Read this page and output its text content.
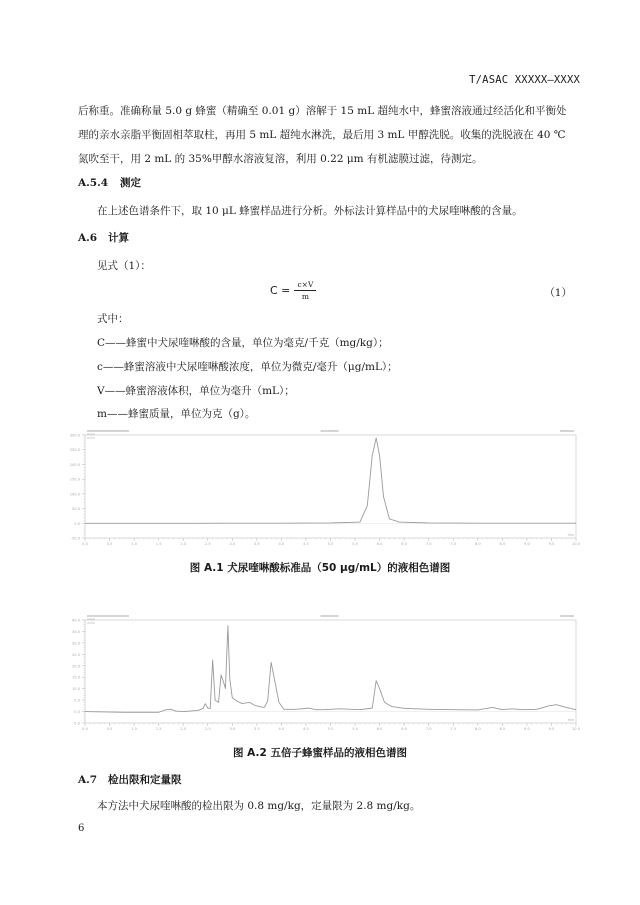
T/ASAC XXXXX—XXXX
后称重。准确称量 5.0 g 蜂蜜（精确至 0.01 g）溶解于 15 mL 超纯水中，蜂蜜溶液通过经活化和平衡处
理的亲水亲脂平衡固相萃取柱，再用 5 mL 超纯水淋洗，最后用 3 mL 甲醇洗脱。收集的洗脱液在 40 ℃
氮吹至干，用 2 mL 的 35%甲醇水溶液复溶，利用 0.22 μm 有机滤膜过滤，待测定。
A.5.4 测定
在上述色谱条件下，取 10 μL 蜂蜜样品进行分析。外标法计算样品中的犬尿喹啉酸的含量。
A.6 计算
见式（1）：
$C = \frac{c\times V}{m}$	（1）
式中：
C——蜂蜜中犬尿喹啉酸的含量，单位为毫克/千克（mg/kg）；
c——蜂蜜溶液中犬尿喹啉酸浓度，单位为微克/毫升（μg/mL）；
V——蜂蜜溶液体积，单位为毫升（mL）；
m——蜂蜜质量，单位为克（g）。
-50.0
0.0
50.0
100.0
150.0
200.0
250.0
300.0
0.0	0.5	1.0	1.5	2.0	2.5	3.0	3.5	4.0	4.5	5.0	5.5	6.0	6.5	7.0	7.5	8.0	8.5	9.0	9.5	10.0
min
mAU
图 A.1 犬尿喹啉酸标准品（50 μg/mL）的液相色谱图
-5.0
0.0
5.0
10.0
15.0
20.0
25.0
30.0
35.0
40.0
0.0	0.5	1.0	1.5	2.0	2.5	3.0	3.5	4.0	4.5	5.0	5.5	6.0	6.5	7.0	7.5	8.0	8.5	9.0	9.5	10.0
min
mAU
图 A.2 五倍子蜂蜜样品的液相色谱图
A.7 检出限和定量限
本方法中犬尿喹啉酸的检出限为 0.8 mg/kg，定量限为 2.8 mg/kg。
6
